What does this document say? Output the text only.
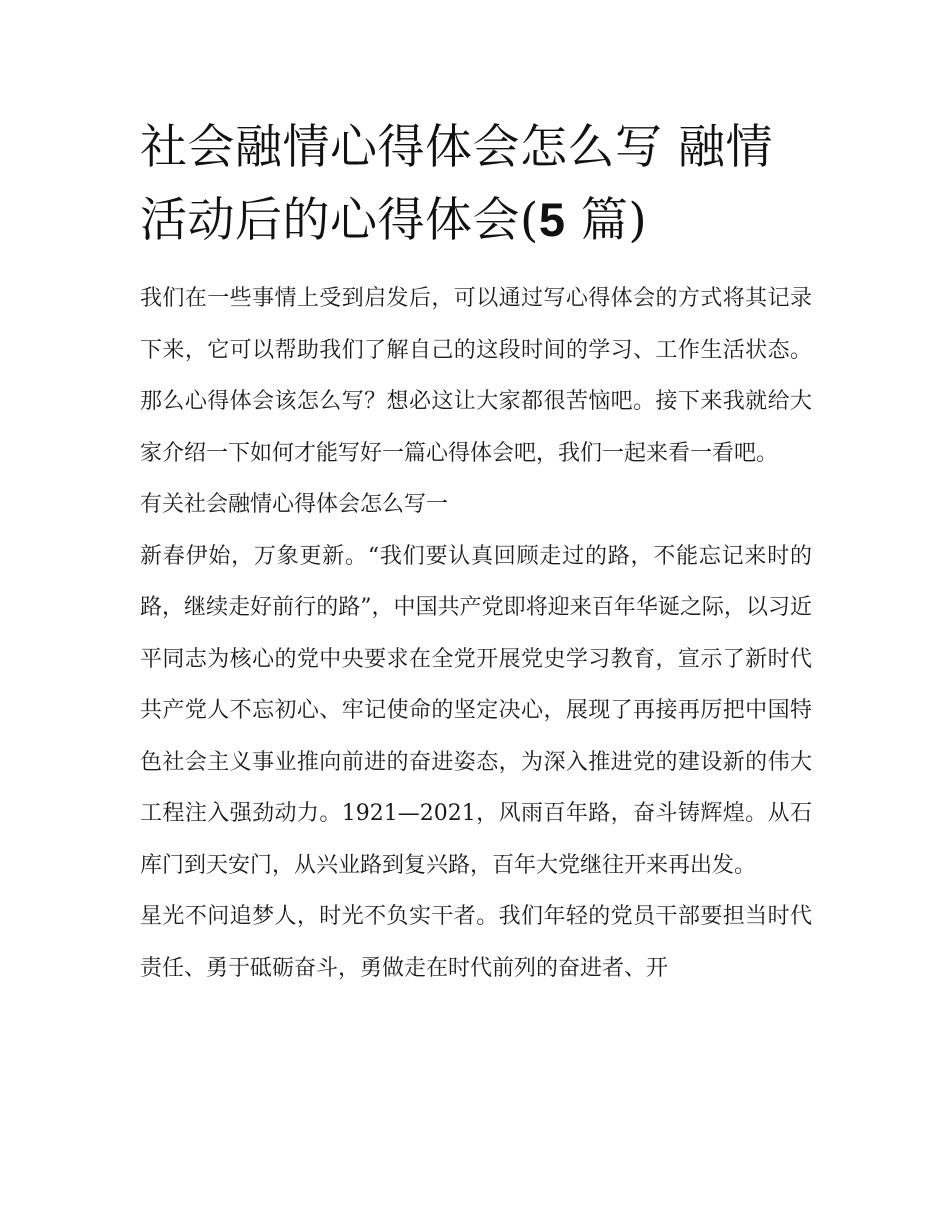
社会融情心得体会怎么写 融情活动后的心得体会(5 篇)

我们在一些事情上受到启发后，可以通过写心得体会的方式将其记录下来，它可以帮助我们了解自己的这段时间的学习、工作生活状态。那么心得体会该怎么写？想必这让大家都很苦恼吧。接下来我就给大家介绍一下如何才能写好一篇心得体会吧，我们一起来看一看吧。

有关社会融情心得体会怎么写一

新春伊始，万象更新。“我们要认真回顾走过的路，不能忘记来时的路，继续走好前行的路”，中国共产党即将迎来百年华诞之际，以习近平同志为核心的党中央要求在全党开展党史学习教育，宣示了新时代共产党人不忘初心、牢记使命的坚定决心，展现了再接再厉把中国特色社会主义事业推向前进的奋进姿态，为深入推进党的建设新的伟大工程注入强劲动力。1921—2021，风雨百年路，奋斗铸辉煌。从石库门到天安门，从兴业路到复兴路，百年大党继往开来再出发。

星光不问追梦人，时光不负实干者。我们年轻的党员干部要担当时代责任、勇于砥砺奋斗，勇做走在时代前列的奋进者、开
